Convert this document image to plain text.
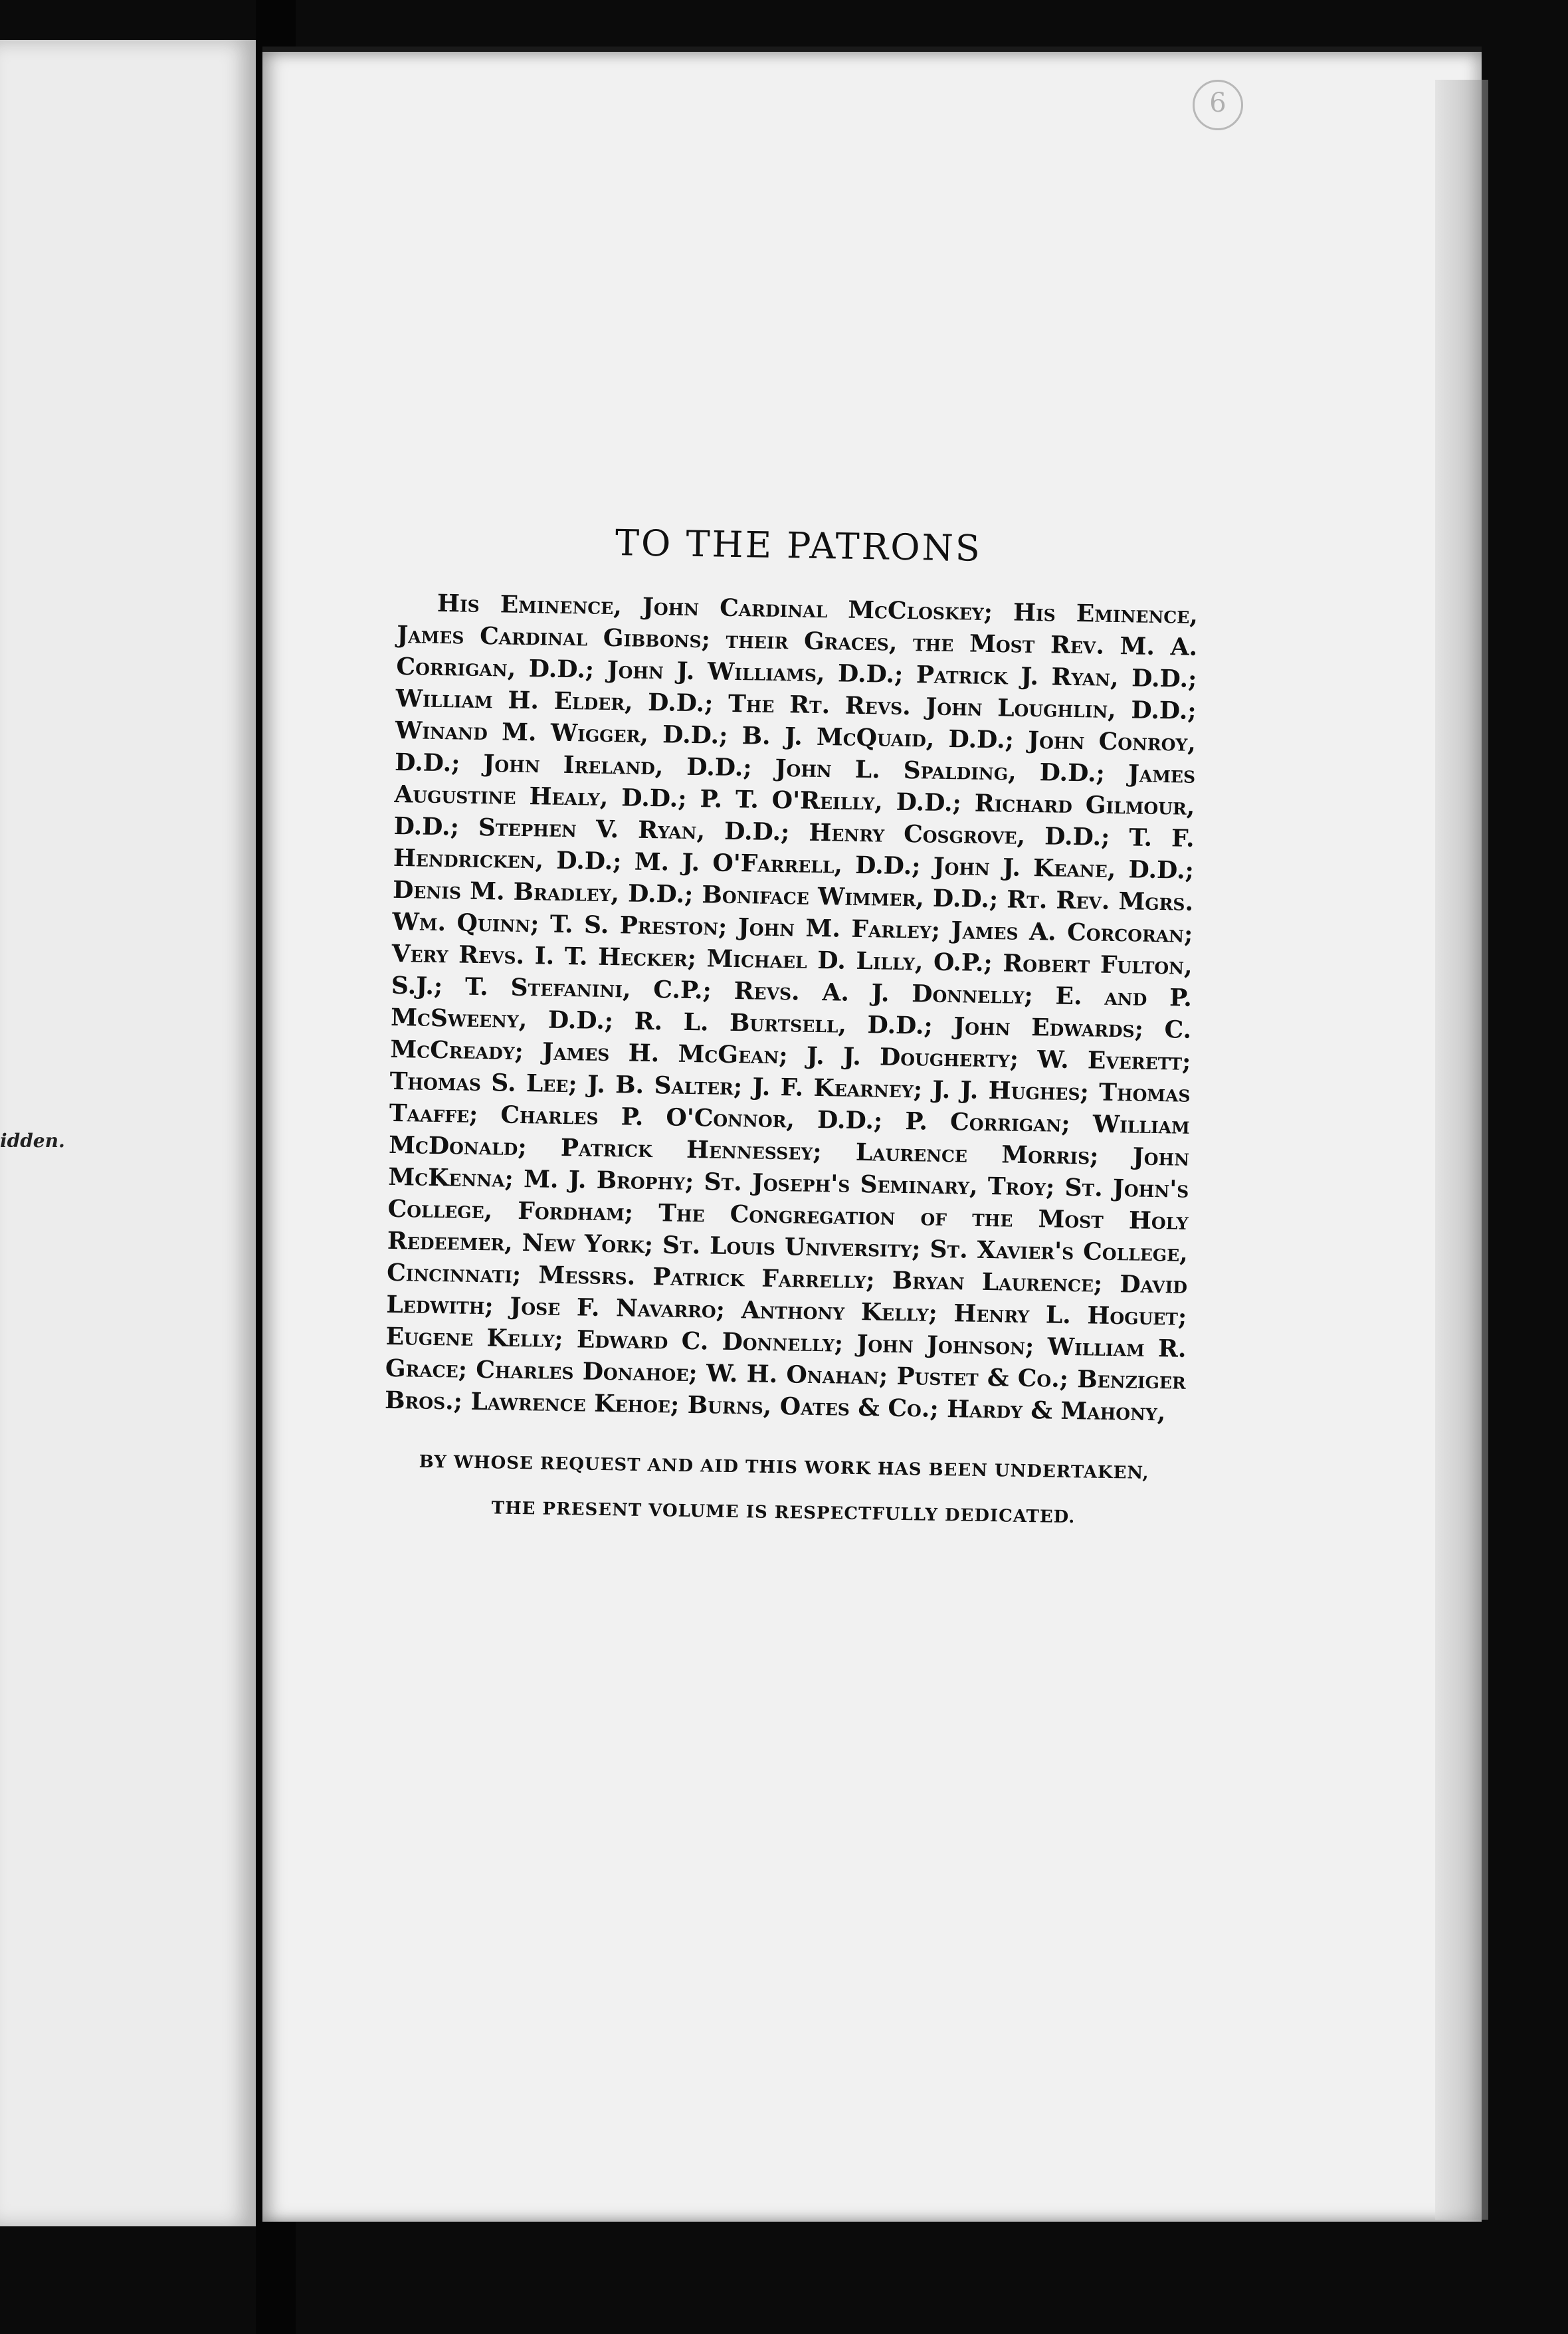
idden.
6
TO THE PATRONS

His Eminence, John Cardinal McCloskey; His Eminence, James Cardinal Gibbons; their Graces, the Most Rev. M. A. Corrigan, D.D.; John J. Williams, D.D.; Patrick J. Ryan, D.D.; William H. Elder, D.D.; The Rt. Revs. John Loughlin, D.D.; Winand M. Wigger, D.D.; B. J. McQuaid, D.D.; John Conroy, D.D.; John Ireland, D.D.; John L. Spalding, D.D.; James Augustine Healy, D.D.; P. T. O'Reilly, D.D.; Richard Gilmour, D.D.; Stephen V. Ryan, D.D.; Henry Cosgrove, D.D.; T. F. Hendricken, D.D.; M. J. O'Farrell, D.D.; John J. Keane, D.D.; Denis M. Bradley, D.D.; Boniface Wimmer, D.D.; Rt. Rev. Mgrs. Wm. Quinn; T. S. Preston; John M. Farley; James A. Corcoran; Very Revs. I. T. Hecker; Michael D. Lilly, O.P.; Robert Fulton, S.J.; T. Stefanini, C.P.; Revs. A. J. Donnelly; E. and P. McSweeny, D.D.; R. L. Burtsell, D.D.; John Edwards; C. McCready; James H. McGean; J. J. Dougherty; W. Everett; Thomas S. Lee; J. B. Salter; J. F. Kearney; J. J. Hughes; Thomas Taaffe; Charles P. O'Connor, D.D.; P. Corrigan; William McDonald; Patrick Hennessey; Laurence Morris; John McKenna; M. J. Brophy; St. Joseph's Seminary, Troy; St. John's College, Fordham; The Congregation of the Most Holy Redeemer, New York; St. Louis University; St. Xavier's College, Cincinnati; Messrs. Patrick Farrelly; Bryan Laurence; David Ledwith; Jose F. Navarro; Anthony Kelly; Henry L. Hoguet; Eugene Kelly; Edward C. Donnelly; John Johnson; William R. Grace; Charles Donahoe; W. H. Onahan; Pustet & Co.; Benziger Bros.; Lawrence Kehoe; Burns, Oates & Co.; Hardy & Mahony,

BY WHOSE REQUEST AND AID THIS WORK HAS BEEN UNDERTAKEN,

THE PRESENT VOLUME IS RESPECTFULLY DEDICATED.
